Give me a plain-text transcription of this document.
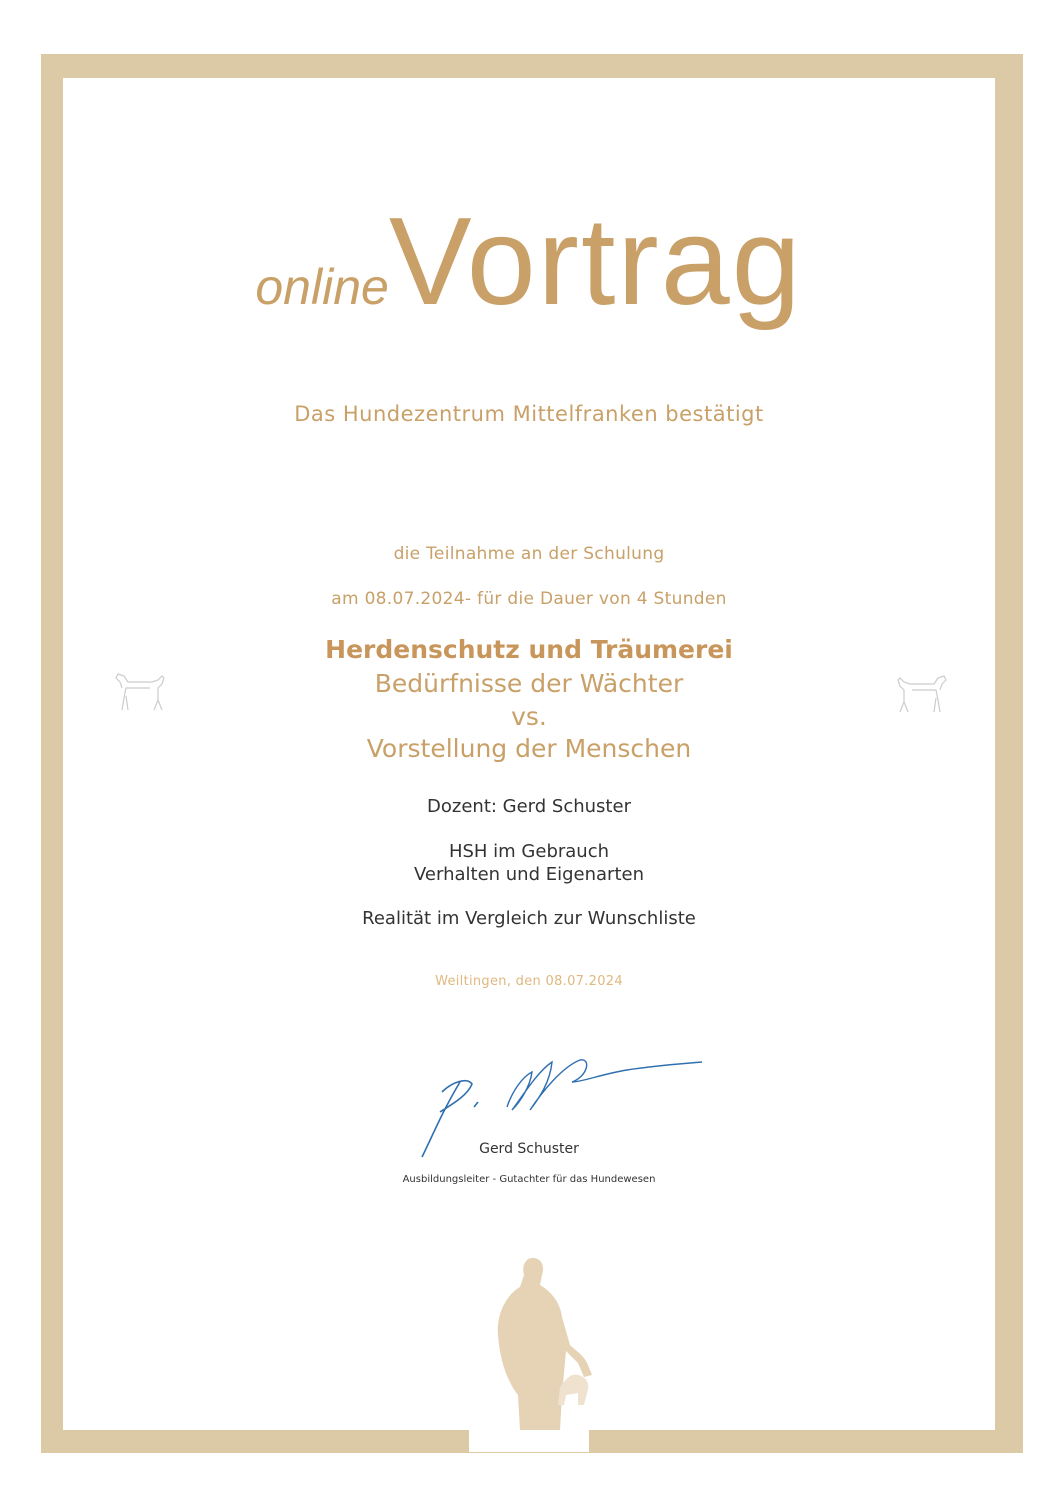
onlineVortrag
Das Hundezentrum Mittelfranken bestätigt
die Teilnahme an der Schulung
am 08.07.2024- für die Dauer von 4 Stunden
Herdenschutz und Träumerei
Bedürfnisse der Wächter
vs.
Vorstellung der Menschen
Dozent: Gerd Schuster
HSH im Gebrauch
Verhalten und Eigenarten
Realität im Vergleich zur Wunschliste
Weiltingen, den 08.07.2024
Gerd Schuster
Ausbildungsleiter - Gutachter für das Hundewesen
